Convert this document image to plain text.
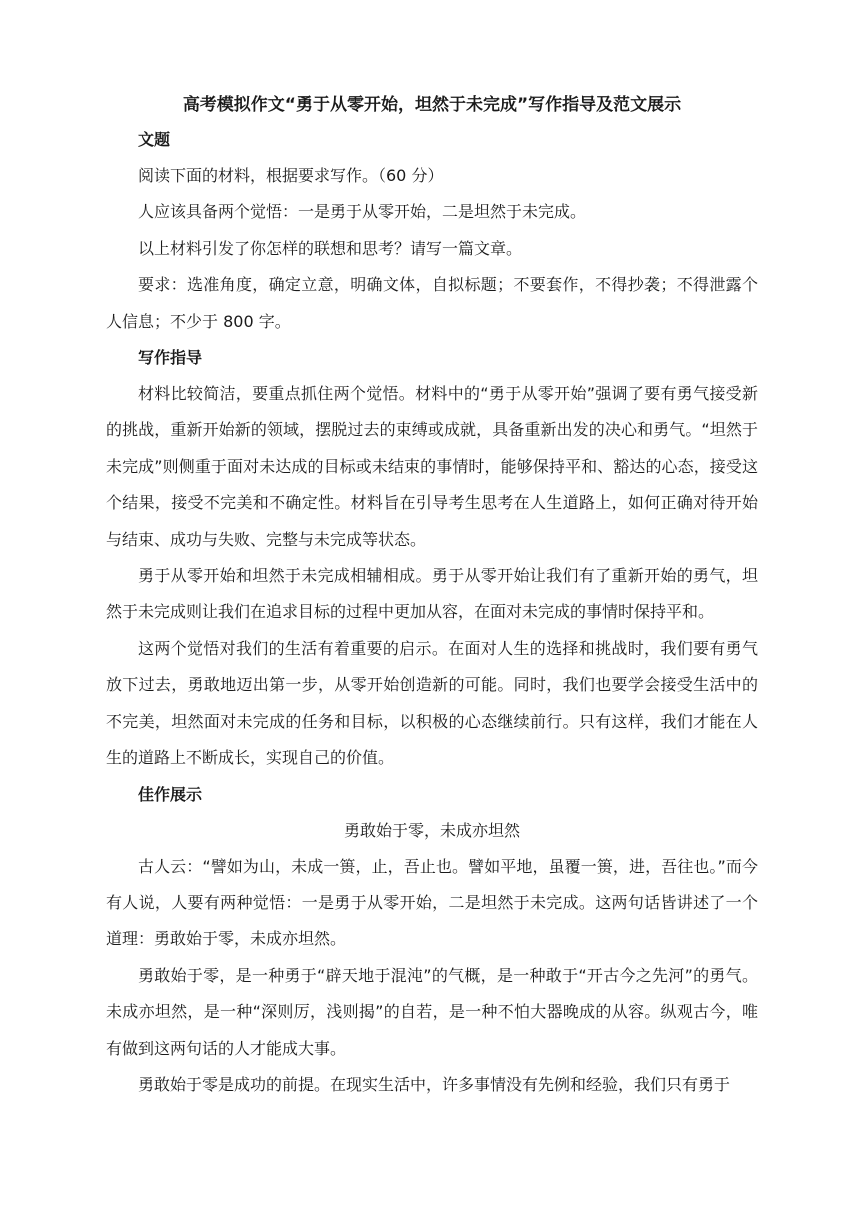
高考模拟作文“勇于从零开始，坦然于未完成”写作指导及范文展示

文题

阅读下面的材料，根据要求写作。（60 分）

人应该具备两个觉悟：一是勇于从零开始，二是坦然于未完成。

以上材料引发了你怎样的联想和思考？请写一篇文章。

要求：选准角度，确定立意，明确文体，自拟标题；不要套作，不得抄袭；不得泄露个人信息；不少于 800 字。

写作指导

材料比较简洁，要重点抓住两个觉悟。材料中的“勇于从零开始”强调了要有勇气接受新的挑战，重新开始新的领域，摆脱过去的束缚或成就，具备重新出发的决心和勇气。“坦然于未完成”则侧重于面对未达成的目标或未结束的事情时，能够保持平和、豁达的心态，接受这个结果，接受不完美和不确定性。材料旨在引导考生思考在人生道路上，如何正确对待开始与结束、成功与失败、完整与未完成等状态。

勇于从零开始和坦然于未完成相辅相成。勇于从零开始让我们有了重新开始的勇气，坦然于未完成则让我们在追求目标的过程中更加从容，在面对未完成的事情时保持平和。

这两个觉悟对我们的生活有着重要的启示。在面对人生的选择和挑战时，我们要有勇气放下过去，勇敢地迈出第一步，从零开始创造新的可能。同时，我们也要学会接受生活中的不完美，坦然面对未完成的任务和目标，以积极的心态继续前行。只有这样，我们才能在人生的道路上不断成长，实现自己的价值。

佳作展示

勇敢始于零，未成亦坦然

古人云：“譬如为山，未成一篑，止，吾止也。譬如平地，虽覆一篑，进，吾往也。”而今有人说，人要有两种觉悟：一是勇于从零开始，二是坦然于未完成。这两句话皆讲述了一个道理：勇敢始于零，未成亦坦然。

勇敢始于零，是一种勇于“辟天地于混沌”的气概，是一种敢于“开古今之先河”的勇气。未成亦坦然，是一种“深则厉，浅则揭”的自若，是一种不怕大器晚成的从容。纵观古今，唯有做到这两句话的人才能成大事。

勇敢始于零是成功的前提。在现实生活中，许多事情没有先例和经验，我们只有勇于
